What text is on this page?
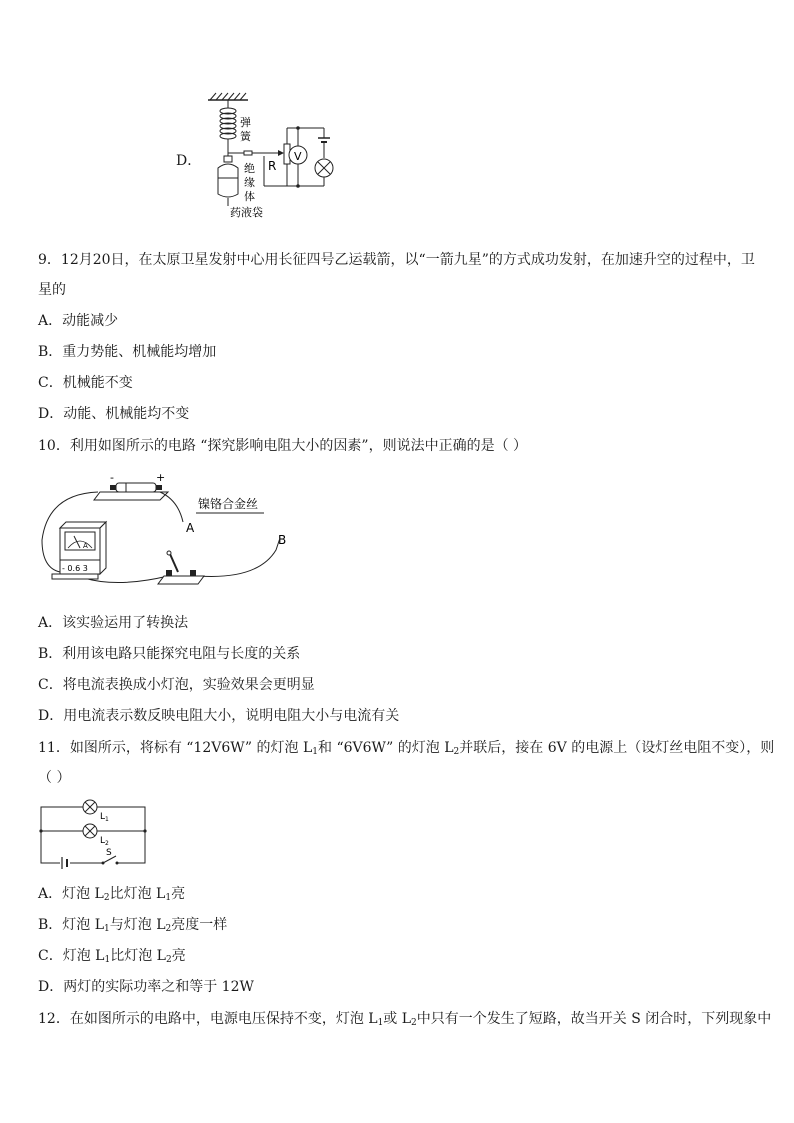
D．
弹
簧
R
V
绝
缘
体
药液袋
9．12月20日，在太原卫星发射中心用长征四号乙运载箭，以“一箭九星”的方式成功发射，在加速升空的过程中，卫
星的
A．动能减少
B．重力势能、机械能均增加
C．机械能不变
D．动能、机械能均不变
10．利用如图所示的电路 “探究影响电阻大小的因素”，则说法中正确的是（ ）
-	+
镍铬合金丝
A
B
A
- 0.6 3
A．该实验运用了转换法
B．利用该电路只能探究电阻与长度的关系
C．将电流表换成小灯泡，实验效果会更明显
D．用电流表示数反映电阻大小，说明电阻大小与电流有关
11．如图所示，将标有 “12V6W” 的灯泡 $L_1$和 “6V6W” 的灯泡 $L_2$并联后，接在 6V 的电源上（设灯丝电阻不变），则
（ ）
$L_1$
$L_2$
S
A．灯泡 $L_2$比灯泡 $L_1$亮
B．灯泡 $L_1$与灯泡 $L_2$亮度一样
C．灯泡 $L_1$比灯泡 $L_2$亮
D．两灯的实际功率之和等于 12W
12．在如图所示的电路中，电源电压保持不变，灯泡 $L_1$或 $L_2$中只有一个发生了短路，故当开关 S 闭合时，下列现象中
